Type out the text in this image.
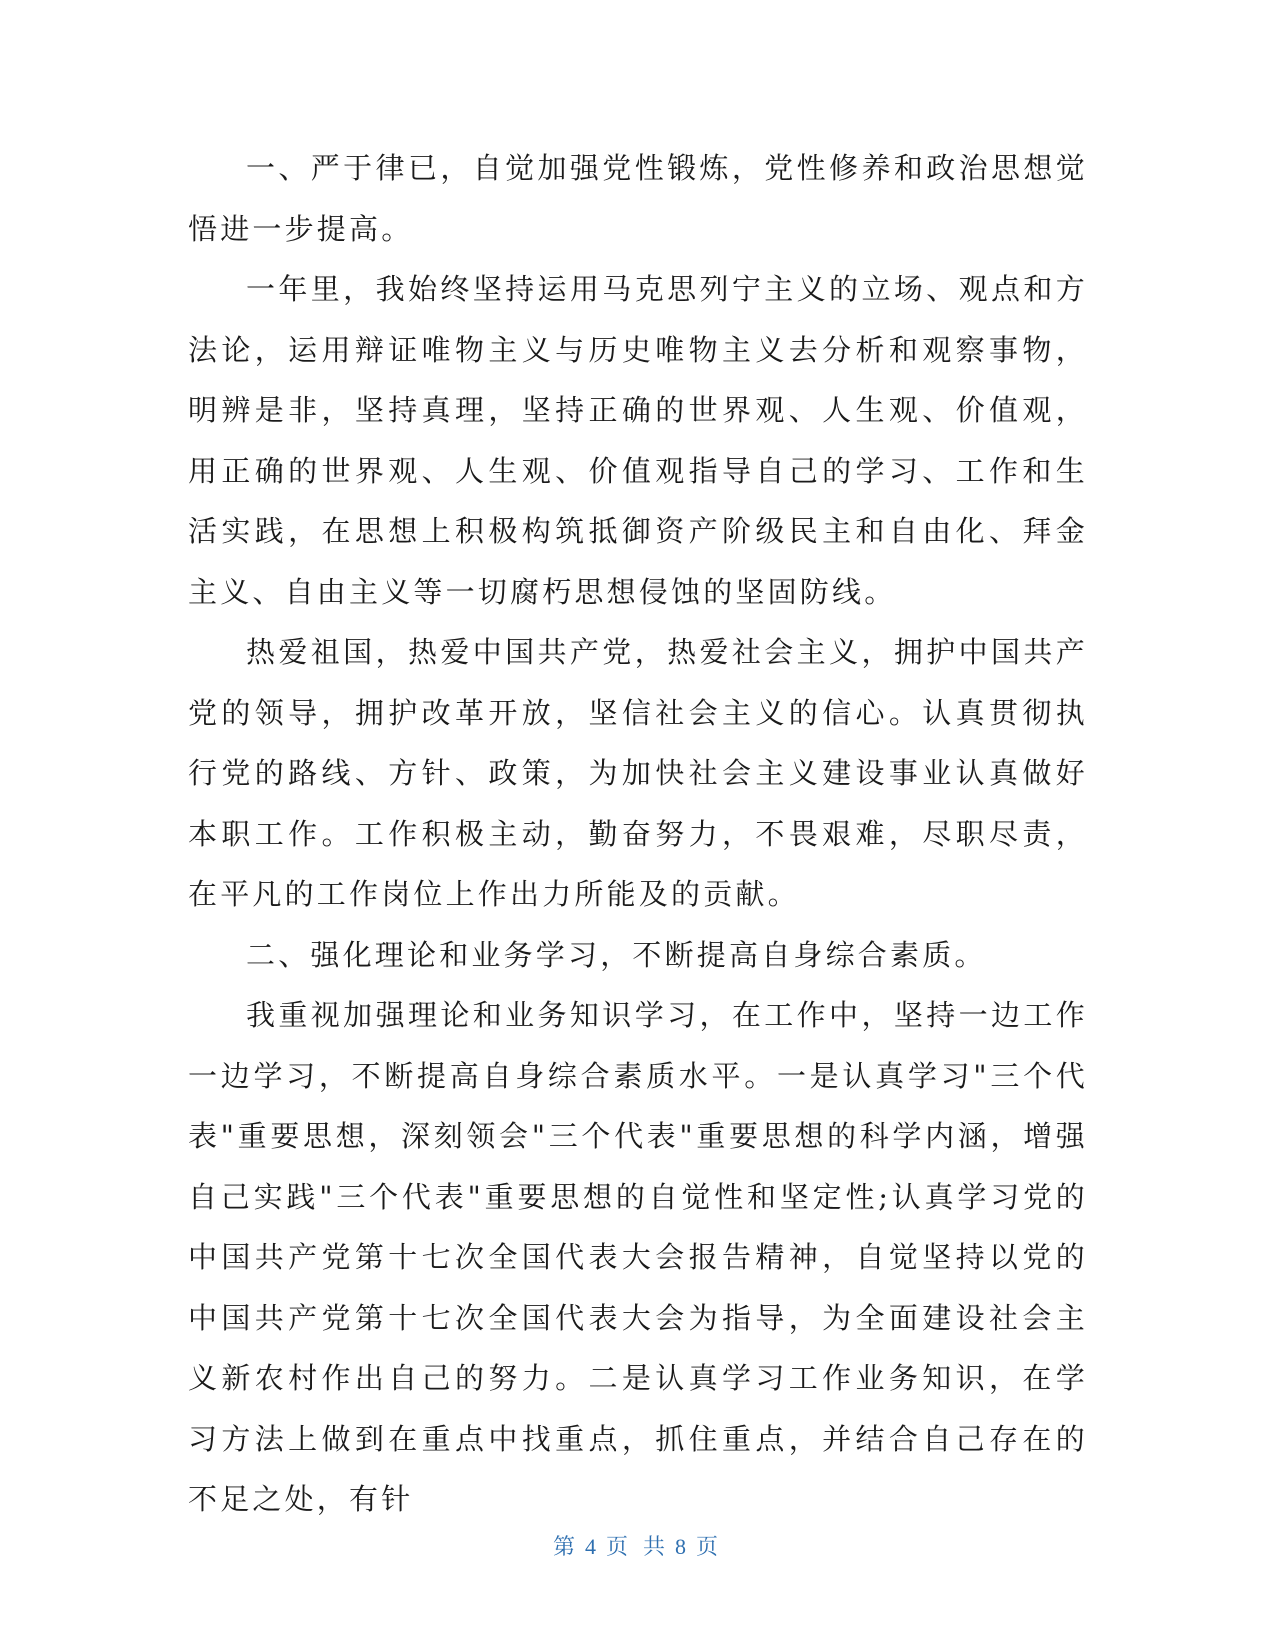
一、严于律已，自觉加强党性锻炼，党性修养和政治思想觉悟进一步提高。

一年里，我始终坚持运用马克思列宁主义的立场、观点和方法论，运用辩证唯物主义与历史唯物主义去分析和观察事物，明辨是非，坚持真理，坚持正确的世界观、人生观、价值观，用正确的世界观、人生观、价值观指导自己的学习、工作和生活实践，在思想上积极构筑抵御资产阶级民主和自由化、拜金主义、自由主义等一切腐朽思想侵蚀的坚固防线。

热爱祖国，热爱中国共产党，热爱社会主义，拥护中国共产党的领导，拥护改革开放，坚信社会主义的信心。认真贯彻执行党的路线、方针、政策，为加快社会主义建设事业认真做好本职工作。工作积极主动，勤奋努力，不畏艰难，尽职尽责，在平凡的工作岗位上作出力所能及的贡献。

二、强化理论和业务学习，不断提高自身综合素质。

我重视加强理论和业务知识学习，在工作中，坚持一边工作一边学习，不断提高自身综合素质水平。一是认真学习"三个代表"重要思想，深刻领会"三个代表"重要思想的科学内涵，增强自己实践"三个代表"重要思想的自觉性和坚定性;认真学习党的中国共产党第十七次全国代表大会报告精神，自觉坚持以党的中国共产党第十七次全国代表大会为指导，为全面建设社会主义新农村作出自己的努力。二是认真学习工作业务知识，在学习方法上做到在重点中找重点，抓住重点，并结合自己存在的不足之处，有针

第 4 页 共 8 页
